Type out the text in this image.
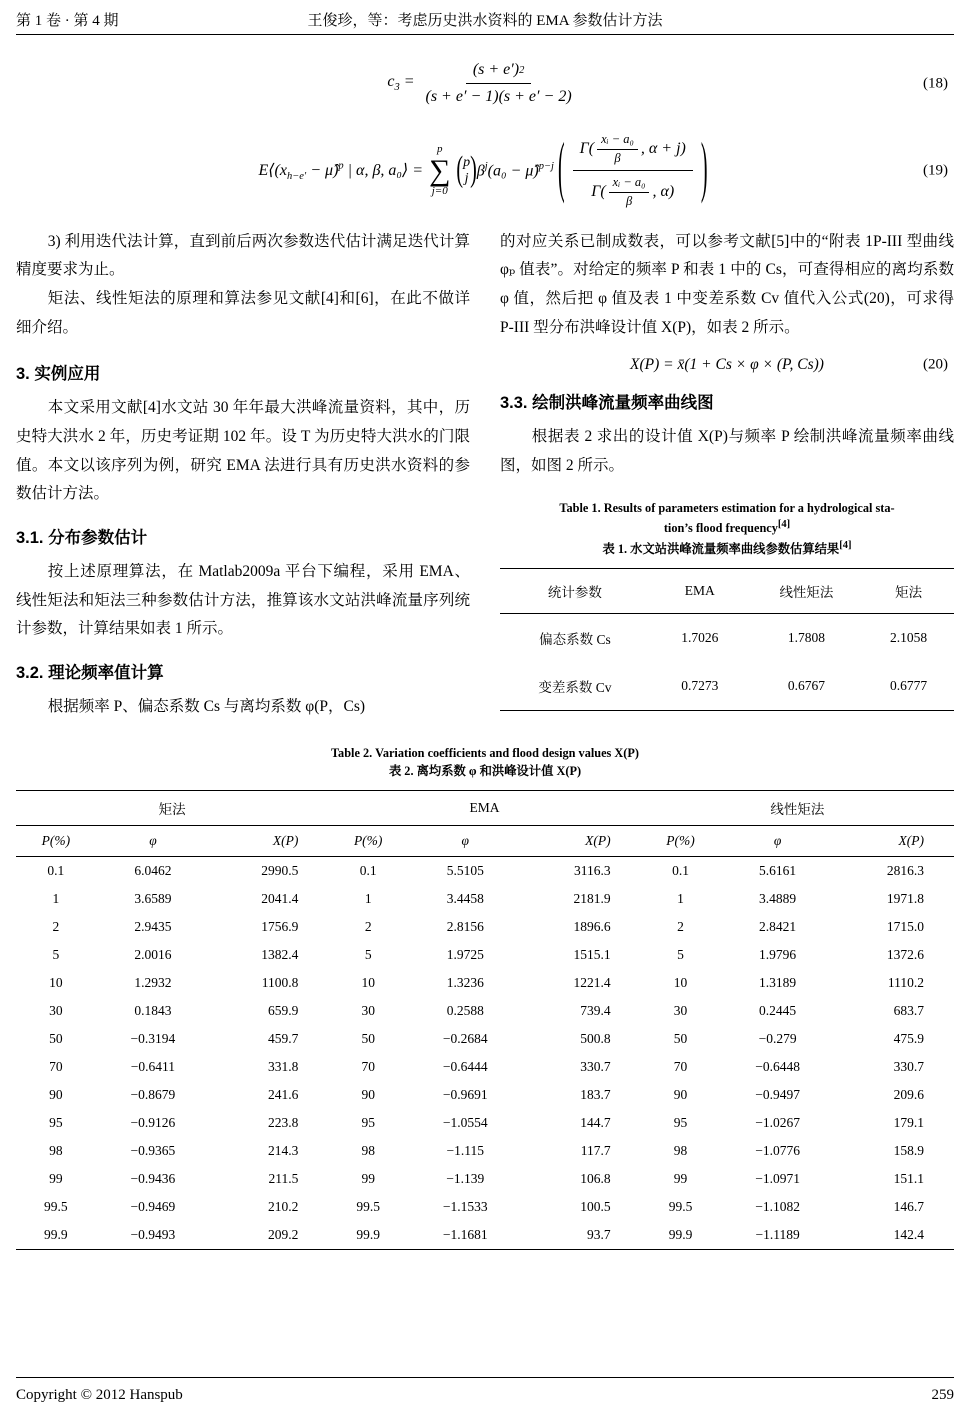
第 1 卷 · 第 4 期	王俊珍，等：考虑历史洪水资料的 EMA 参数估计方法
$c_3 = \frac{(s + e') 2}{(s + e' - 1)(s + e' - 2)}$	(18)
$E⟨(x_{h-e'}$ − μ̂)$^p$ | α, β, a₀⟩ =
p
∑
j=0
( p
j ) $\beta^j(a_0$ − μ̂)$^{p-j}$ ( $\frac{\Gamma( \frac{\text{xᵢ − a₀}}{\beta} , \alpha + j)}{\Gamma( \frac{\text{xᵢ − a₀}}{\beta} , \alpha)}$ )	(19)

3) 利用迭代法计算，直到前后两次参数迭代估计满足迭代计算精度要求为止。

矩法、线性矩法的原理和算法参见文献[4]和[6]，在此不做详细介绍。

3. 实例应用

本文采用文献[4]水文站 30 年年最大洪峰流量资料，其中，历史特大洪水 2 年，历史考证期 102 年。设 T 为历史特大洪水的门限值。本文以该序列为例，研究 EMA 法进行具有历史洪水资料的参数估计方法。

3.1. 分布参数估计

按上述原理算法，在 Matlab2009a 平台下编程，采用 EMA、线性矩法和矩法三种参数估计方法，推算该水文站洪峰流量序列统计参数，计算结果如表 1 所示。

3.2. 理论频率值计算

根据频率 P、偏态系数 Cs 与离均系数 φ(P，Cs)

的对应关系已制成数表，可以参考文献[5]中的“附表 1P-III 型曲线 φₚ 值表”。对给定的频率 P 和表 1 中的 Cs，可查得相应的离均系数 φ 值，然后把 φ 值及表 1 中变差系数 Cv 值代入公式(20)，可求得 P-III 型分布洪峰设计值 X(P)，如表 2 所示。

X(P) = x̄(1 + Cs × φ × (P, Cs))	(20)
3.3. 绘制洪峰流量频率曲线图

根据表 2 求出的设计值 X(P)与频率 P 绘制洪峰流量频率曲线图，如图 2 所示。

Table 1. Results of parameters estimation for a hydrological sta-
tion’s flood frequency[4]
表 1. 水文站洪峰流量频率曲线参数估算结果[4]
统计参数	EMA	线性矩法	矩法
偏态系数 Cs	1.7026	1.7808	2.1058
变差系数 Cv	0.7273	0.6767	0.6777
Table 2. Variation coefficients and flood design values X(P)
表 2. 离均系数 φ 和洪峰设计值 X(P)
矩法			EMA			线性矩法		
P(%)	φ	X(P)	P(%)	φ	X(P)	P(%)	φ	X(P)
0.1	6.0462	2990.5	0.1	5.5105	3116.3	0.1	5.6161	2816.3
1	3.6589	2041.4	1	3.4458	2181.9	1	3.4889	1971.8
2	2.9435	1756.9	2	2.8156	1896.6	2	2.8421	1715.0
5	2.0016	1382.4	5	1.9725	1515.1	5	1.9796	1372.6
10	1.2932	1100.8	10	1.3236	1221.4	10	1.3189	1110.2
30	0.1843	659.9	30	0.2588	739.4	30	0.2445	683.7
50	−0.3194	459.7	50	−0.2684	500.8	50	−0.279	475.9
70	−0.6411	331.8	70	−0.6444	330.7	70	−0.6448	330.7
90	−0.8679	241.6	90	−0.9691	183.7	90	−0.9497	209.6
95	−0.9126	223.8	95	−1.0554	144.7	95	−1.0267	179.1
98	−0.9365	214.3	98	−1.115	117.7	98	−1.0776	158.9
99	−0.9436	211.5	99	−1.139	106.8	99	−1.0971	151.1
99.5	−0.9469	210.2	99.5	−1.1533	100.5	99.5	−1.1082	146.7
99.9	−0.9493	209.2	99.9	−1.1681	93.7	99.9	−1.1189	142.4
Copyright © 2012 Hanspub	259
